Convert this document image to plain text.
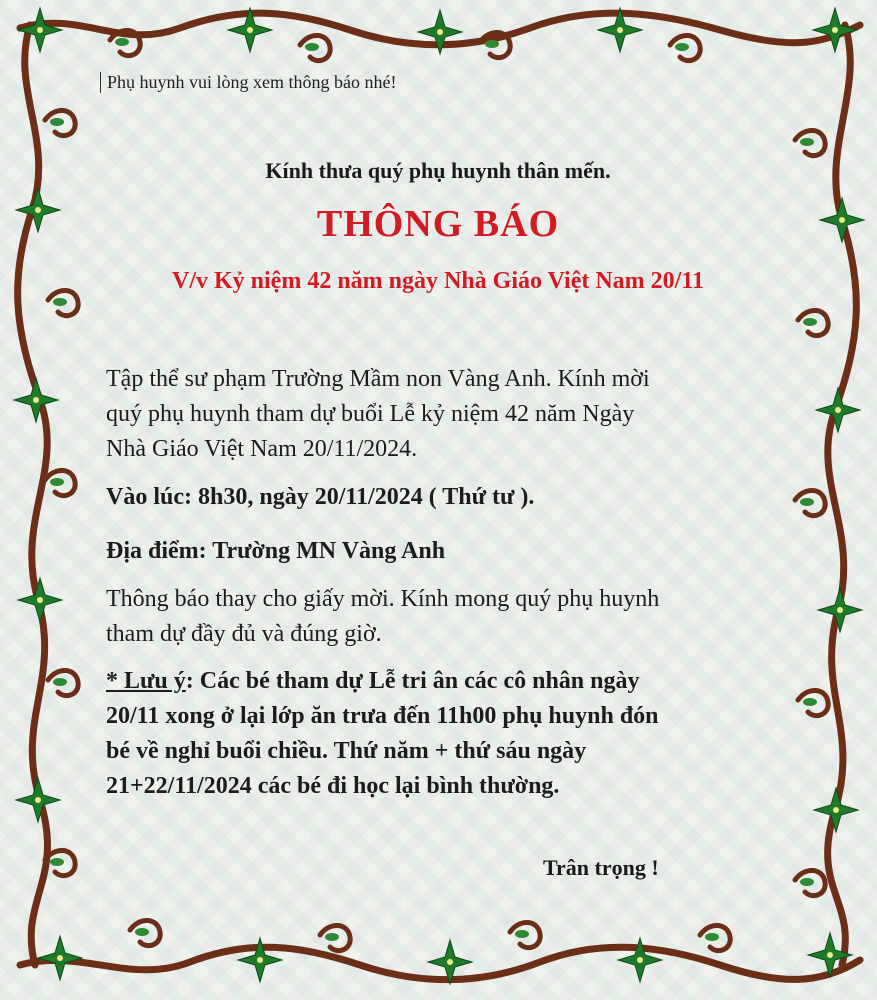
Phụ huynh vui lòng xem thông báo nhé!
Kính thưa quý phụ huynh thân mến.
THÔNG BÁO
V/v Kỷ niệm 42 năm ngày Nhà Giáo Việt Nam 20/11
Tập thể sư phạm Trường Mầm non Vàng Anh. Kính mời
quý phụ huynh tham dự buổi Lễ kỷ niệm 42 năm Ngày
Nhà Giáo Việt Nam 20/11/2024.
Vào lúc: 8h30, ngày 20/11/2024 ( Thứ tư ).
Địa điểm: Trường MN Vàng Anh
Thông báo thay cho giấy mời. Kính mong quý phụ huynh
tham dự đầy đủ và đúng giờ.
* Lưu ý: Các bé tham dự Lễ tri ân các cô nhân ngày
20/11 xong ở lại lớp ăn trưa đến 11h00 phụ huynh đón
bé về nghỉ buổi chiều. Thứ năm + thứ sáu ngày
21+22/11/2024 các bé đi học lại bình thường.
Trân trọng !
